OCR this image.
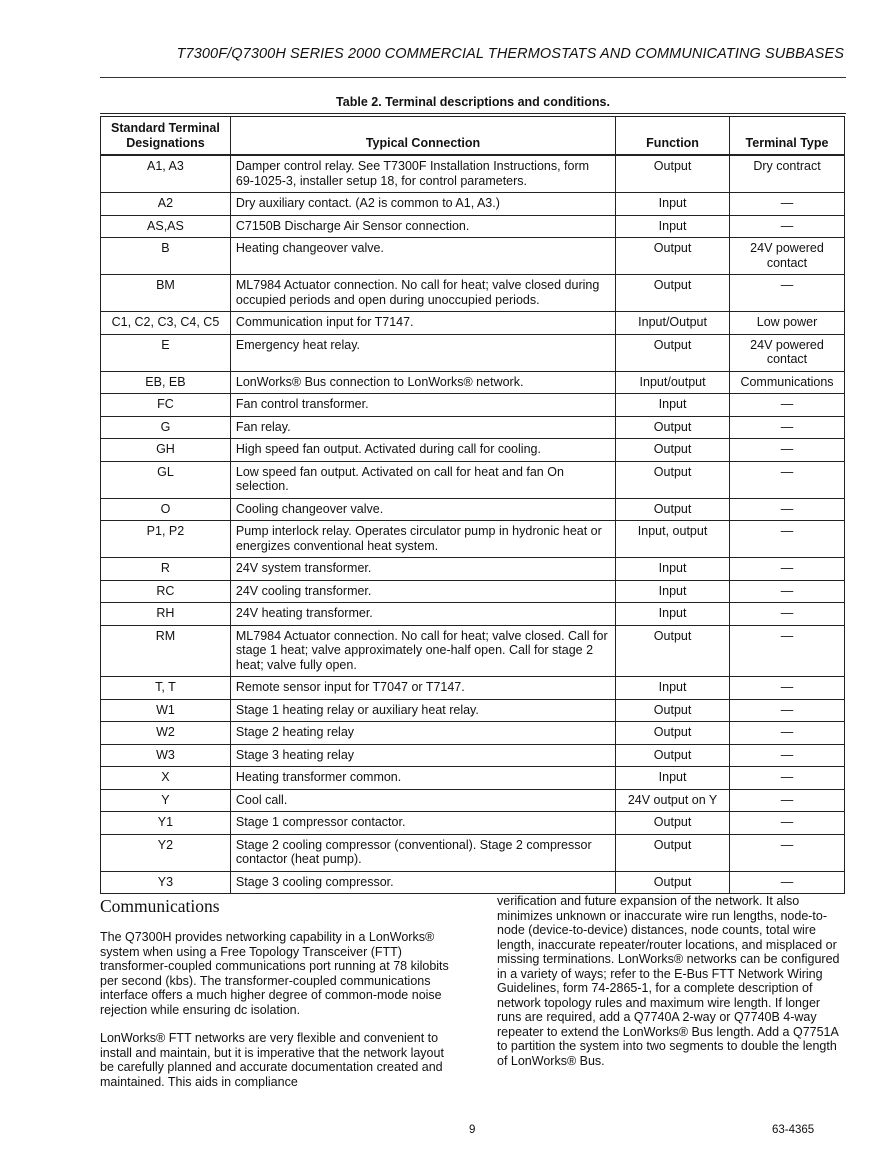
T7300F/Q7300H SERIES 2000 COMMERCIAL THERMOSTATS AND COMMUNICATING SUBBASES
Table 2. Terminal descriptions and conditions.
Standard Terminal Designations	Typical Connection	Function	Terminal Type
A1, A3	Damper control relay. See T7300F Installation Instructions, form 69-1025-3, installer setup 18, for control parameters.	Output	Dry contract
A2	Dry auxiliary contact. (A2 is common to A1, A3.)	Input	—
AS,AS	C7150B Discharge Air Sensor connection.	Input	—
B	Heating changeover valve.	Output	24V powered contact
BM	ML7984 Actuator connection. No call for heat; valve closed during occupied periods and open during unoccupied periods.	Output	—
C1, C2, C3, C4, C5	Communication input for T7147.	Input/Output	Low power
E	Emergency heat relay.	Output	24V powered contact
EB, EB	LonWorks® Bus connection to LonWorks® network.	Input/output	Communications
FC	Fan control transformer.	Input	—
G	Fan relay.	Output	—
GH	High speed fan output. Activated during call for cooling.	Output	—
GL	Low speed fan output. Activated on call for heat and fan On selection.	Output	—
O	Cooling changeover valve.	Output	—
P1, P2	Pump interlock relay. Operates circulator pump in hydronic heat or energizes conventional heat system.	Input, output	—
R	24V system transformer.	Input	—
RC	24V cooling transformer.	Input	—
RH	24V heating transformer.	Input	—
RM	ML7984 Actuator connection. No call for heat; valve closed. Call for stage 1 heat; valve approximately one-half open. Call for stage 2 heat; valve fully open.	Output	—
T, T	Remote sensor input for T7047 or T7147.	Input	—
W1	Stage 1 heating relay or auxiliary heat relay.	Output	—
W2	Stage 2 heating relay	Output	—
W3	Stage 3 heating relay	Output	—
X	Heating transformer common.	Input	—
Y	Cool call.	24V output on Y	—
Y1	Stage 1 compressor contactor.	Output	—
Y2	Stage 2 cooling compressor (conventional). Stage 2 compressor contactor (heat pump).	Output	—
Y3	Stage 3 cooling compressor.	Output	—
Communications

The Q7300H provides networking capability in a LonWorks® system when using a Free Topology Transceiver (FTT) transformer-coupled communications port running at 78 kilobits per second (kbs). The transformer-coupled communications interface offers a much higher degree of common-mode noise rejection while ensuring dc isolation.

LonWorks® FTT networks are very flexible and convenient to install and maintain, but it is imperative that the network layout be carefully planned and accurate documentation created and maintained. This aids in compliance

verification and future expansion of the network. It also minimizes unknown or inaccurate wire run lengths, node-to-node (device-to-device) distances, node counts, total wire length, inaccurate repeater/router locations, and misplaced or missing terminations. LonWorks® networks can be configured in a variety of ways; refer to the E-Bus FTT Network Wiring Guidelines, form 74-2865-1, for a complete description of network topology rules and maximum wire length. If longer runs are required, add a Q7740A 2-way or Q7740B 4-way repeater to extend the LonWorks® Bus length. Add a Q7751A to partition the system into two segments to double the length of LonWorks® Bus.

9	63-4365
